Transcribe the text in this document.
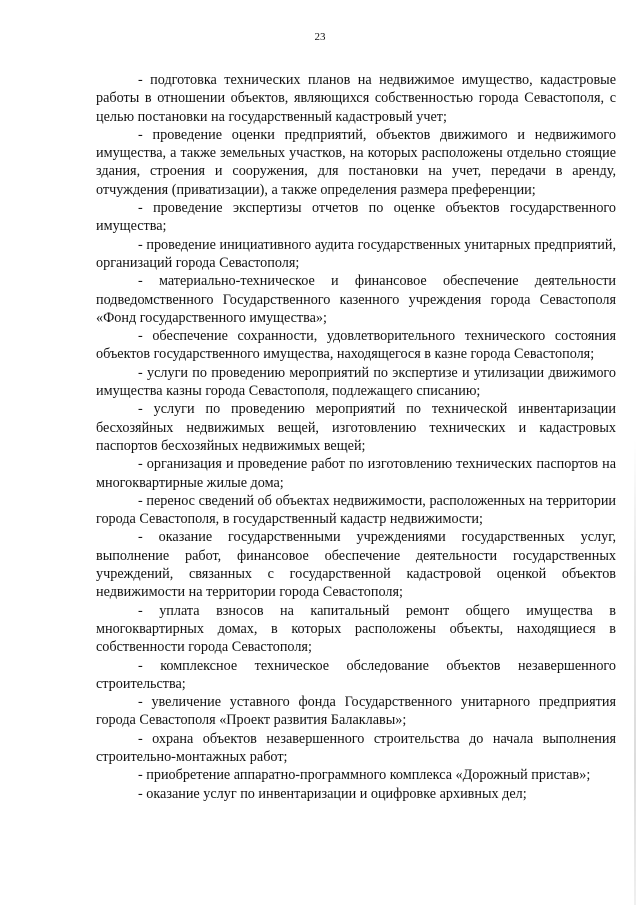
23

- подготовка технических планов на недвижимое имущество, кадастровые работы в отношении объектов, являющихся собственностью города Севастополя, с целью постановки на государственный кадастровый учет;

- проведение оценки предприятий, объектов движимого и недвижимого имущества, а также земельных участков, на которых расположены отдельно стоящие здания, строения и сооружения, для постановки на учет, передачи в аренду, отчуждения (приватизации), а также определения размера преференции;

- проведение экспертизы отчетов по оценке объектов государственного имущества;

- проведение инициативного аудита государственных унитарных предприятий, организаций города Севастополя;

- материально-техническое и финансовое обеспечение деятельности подведомственного Государственного казенного учреждения города Севастополя «Фонд государственного имущества»;

- обеспечение сохранности, удовлетворительного технического состояния объектов государственного имущества, находящегося в казне города Севастополя;

- услуги по проведению мероприятий по экспертизе и утилизации движимого имущества казны города Севастополя, подлежащего списанию;

- услуги по проведению мероприятий по технической инвентаризации бесхозяйных недвижимых вещей, изготовлению технических и кадастровых паспортов бесхозяйных недвижимых вещей;

- организация и проведение работ по изготовлению технических паспортов на многоквартирные жилые дома;

- перенос сведений об объектах недвижимости, расположенных на территории города Севастополя, в государственный кадастр недвижимости;

- оказание государственными учреждениями государственных услуг, выполнение работ, финансовое обеспечение деятельности государственных учреждений, связанных с государственной кадастровой оценкой объектов недвижимости на территории города Севастополя;

- уплата взносов на капитальный ремонт общего имущества в многоквартирных домах, в которых расположены объекты, находящиеся в собственности города Севастополя;

- комплексное техническое обследование объектов незавершенного строительства;

- увеличение уставного фонда Государственного унитарного предприятия города Севастополя «Проект развития Балаклавы»;

- охрана объектов незавершенного строительства до начала выполнения строительно-монтажных работ;

- приобретение аппаратно-программного комплекса «Дорожный пристав»;

- оказание услуг по инвентаризации и оцифровке архивных дел;
